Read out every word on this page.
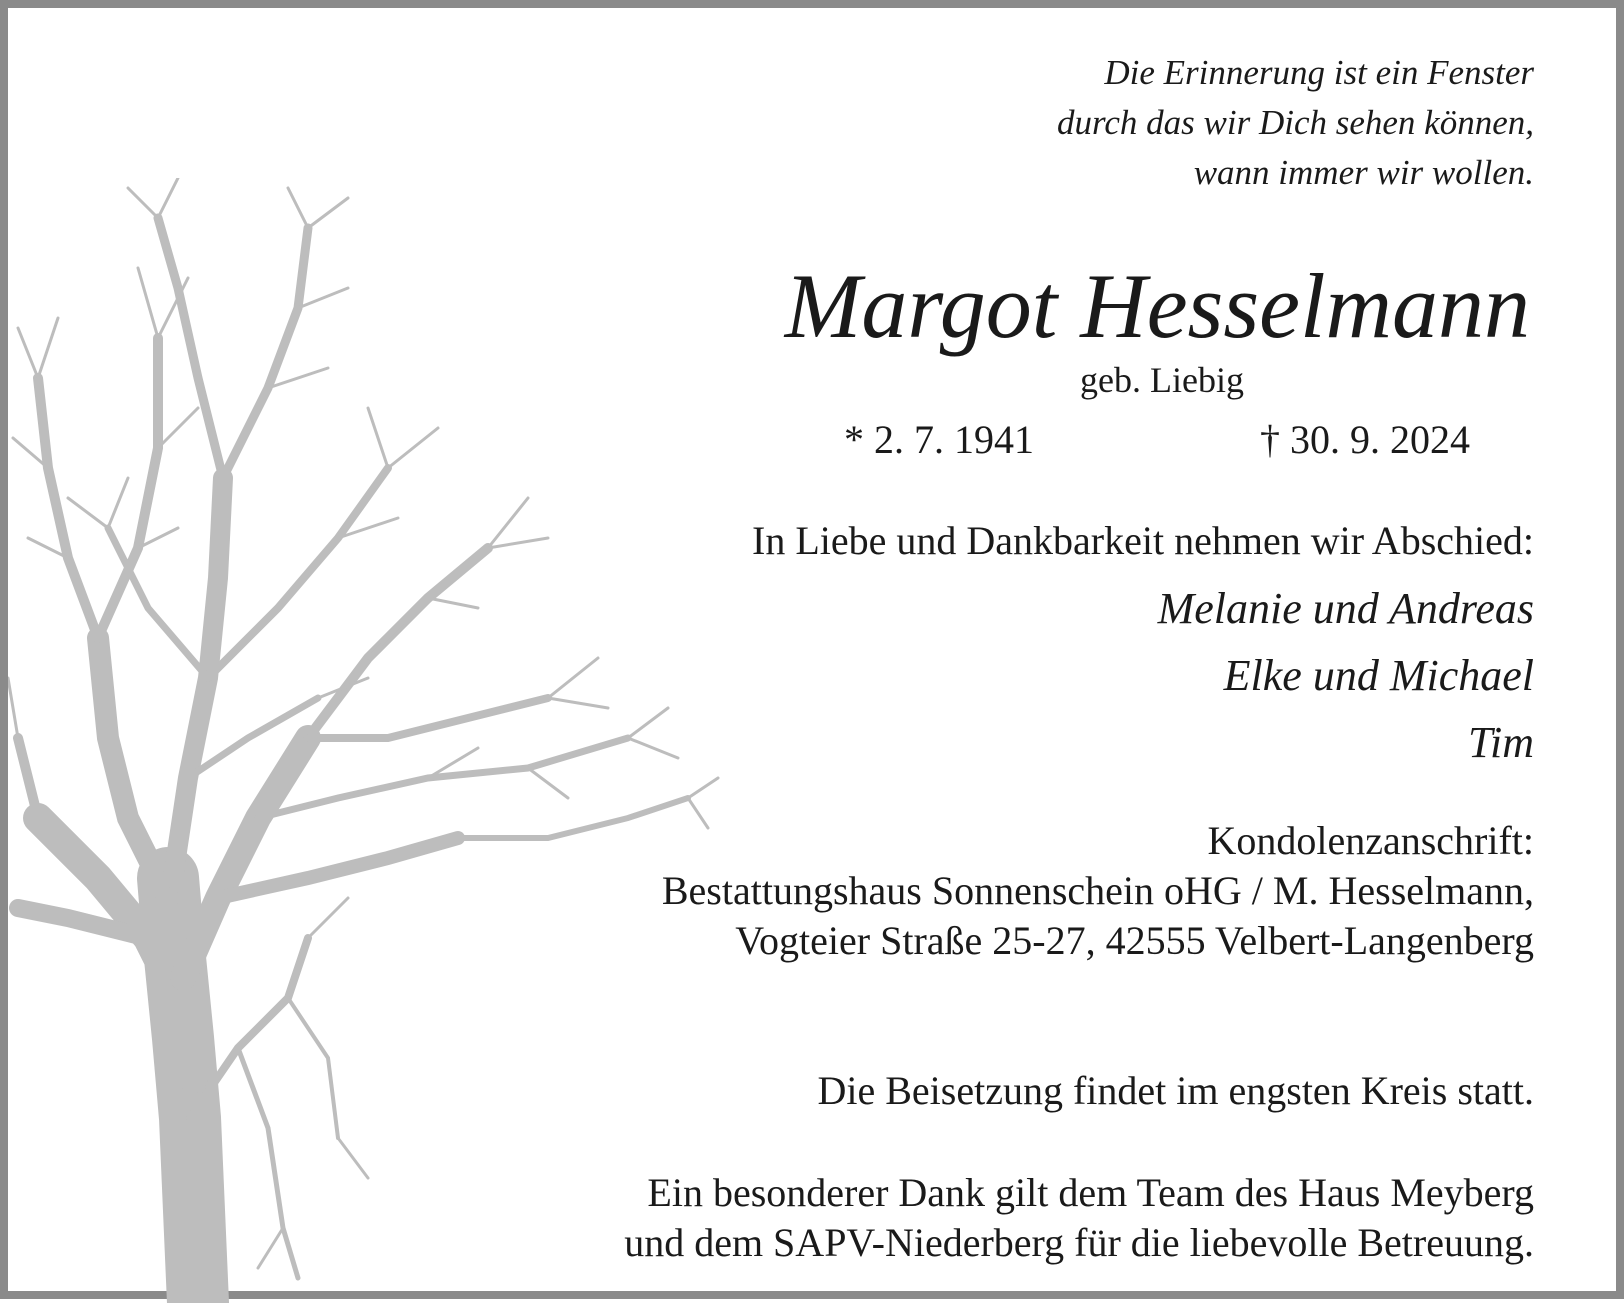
Die Erinnerung ist ein Fenster
durch das wir Dich sehen können,
wann immer wir wollen.
Margot Hesselmann
geb. Liebig
* 2. 7. 1941	† 30. 9. 2024
In Liebe und Dankbarkeit nehmen wir Abschied:
Melanie und Andreas
Elke und Michael
Tim
Kondolenzanschrift:
Bestattungshaus Sonnenschein oHG / M. Hesselmann,
Vogteier Straße 25-27, 42555 Velbert-Langenberg
Die Beisetzung findet im engsten Kreis statt.
Ein besonderer Dank gilt dem Team des Haus Meyberg
und dem SAPV-Niederberg für die liebevolle Betreuung.
